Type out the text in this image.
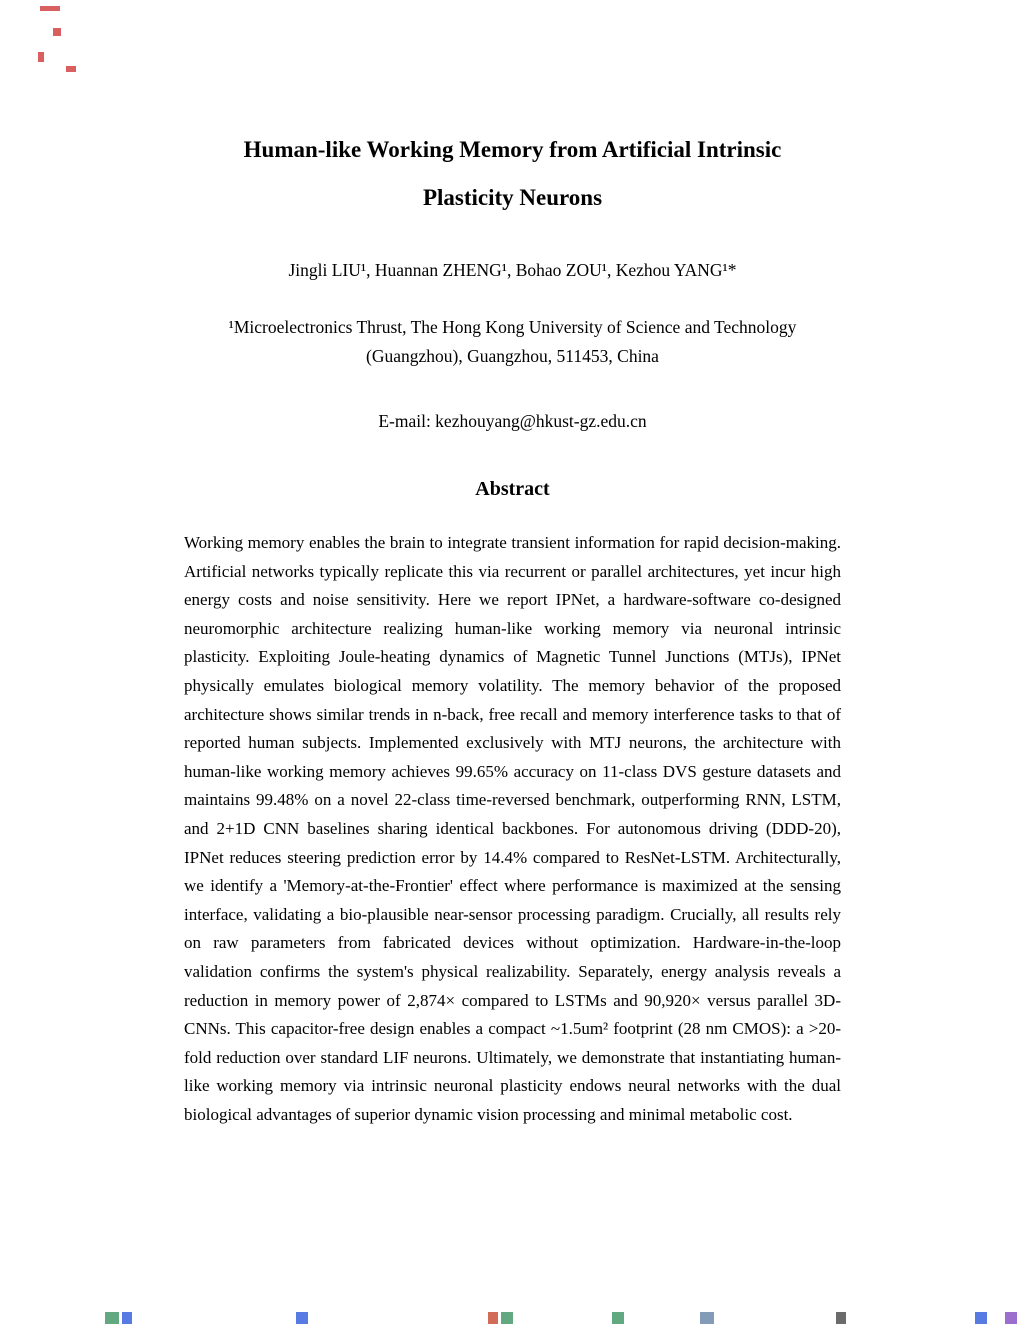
Human-like Working Memory from Artificial Intrinsic
Plasticity Neurons
Jingli LIU¹, Huannan ZHENG¹, Bohao ZOU¹, Kezhou YANG¹*
¹Microelectronics Thrust, The Hong Kong University of Science and Technology
(Guangzhou), Guangzhou, 511453, China
E-mail: kezhouyang@hkust-gz.edu.cn
Abstract

Working memory enables the brain to integrate transient information for rapid decision-making. Artificial networks typically replicate this via recurrent or parallel architectures, yet incur high energy costs and noise sensitivity. Here we report IPNet, a hardware-software co-designed neuromorphic architecture realizing human-like working memory via neuronal intrinsic plasticity. Exploiting Joule-heating dynamics of Magnetic Tunnel Junctions (MTJs), IPNet physically emulates biological memory volatility. The memory behavior of the proposed architecture shows similar trends in n-back, free recall and memory interference tasks to that of reported human subjects. Implemented exclusively with MTJ neurons, the architecture with human-like working memory achieves 99.65% accuracy on 11-class DVS gesture datasets and maintains 99.48% on a novel 22-class time-reversed benchmark, outperforming RNN, LSTM, and 2+1D CNN baselines sharing identical backbones. For autonomous driving (DDD-20), IPNet reduces steering prediction error by 14.4% compared to ResNet-LSTM. Architecturally, we identify a 'Memory-at-the-Frontier' effect where performance is maximized at the sensing interface, validating a bio-plausible near-sensor processing paradigm. Crucially, all results rely on raw parameters from fabricated devices without optimization. Hardware-in-the-loop validation confirms the system's physical realizability. Separately, energy analysis reveals a reduction in memory power of 2,874× compared to LSTMs and 90,920× versus parallel 3D-CNNs. This capacitor-free design enables a compact ~1.5um² footprint (28 nm CMOS): a >20-fold reduction over standard LIF neurons. Ultimately, we demonstrate that instantiating human-like working memory via intrinsic neuronal plasticity endows neural networks with the dual biological advantages of superior dynamic vision processing and minimal metabolic cost.
